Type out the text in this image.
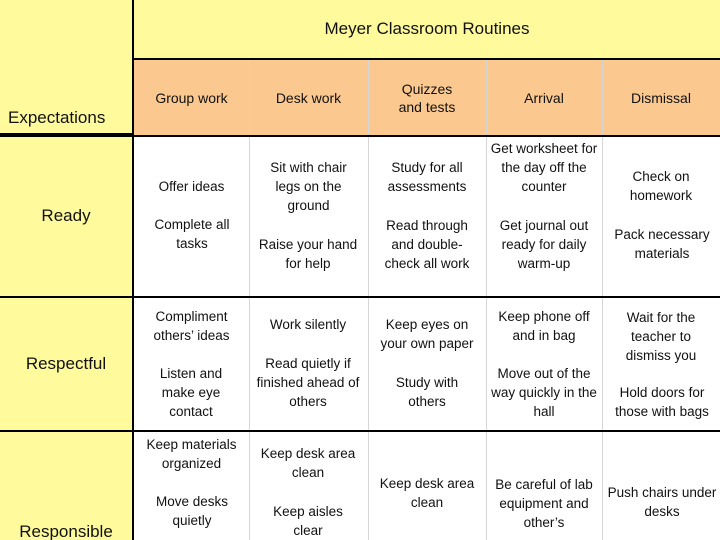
Expectations
Meyer Classroom Routines
Group work	Desk work
Quizzes and tests
Arrival	Dismissal
Ready
Respectful
Responsible
Offer ideas
Complete all tasks
Sit with chair legs on the ground
Raise your hand for help
Study for all assessments
Read through and double-check all work
Get worksheet for the day off the counter
Get journal out ready for daily warm-up
Check on homework
Pack necessary materials
Compliment others’ ideas
Listen and make eye contact
Work silently
Read quietly if finished ahead of others
Keep eyes on your own paper
Study with others
Keep phone off and in bag
Move out of the way quickly in the hall
Wait for the teacher to dismiss you
Hold doors for those with bags
Keep materials organized
Move desks quietly
Keep desk area clean
Keep aisles clear
Keep desk area clean
Be careful of lab equipment and other’s
Push chairs under desks
